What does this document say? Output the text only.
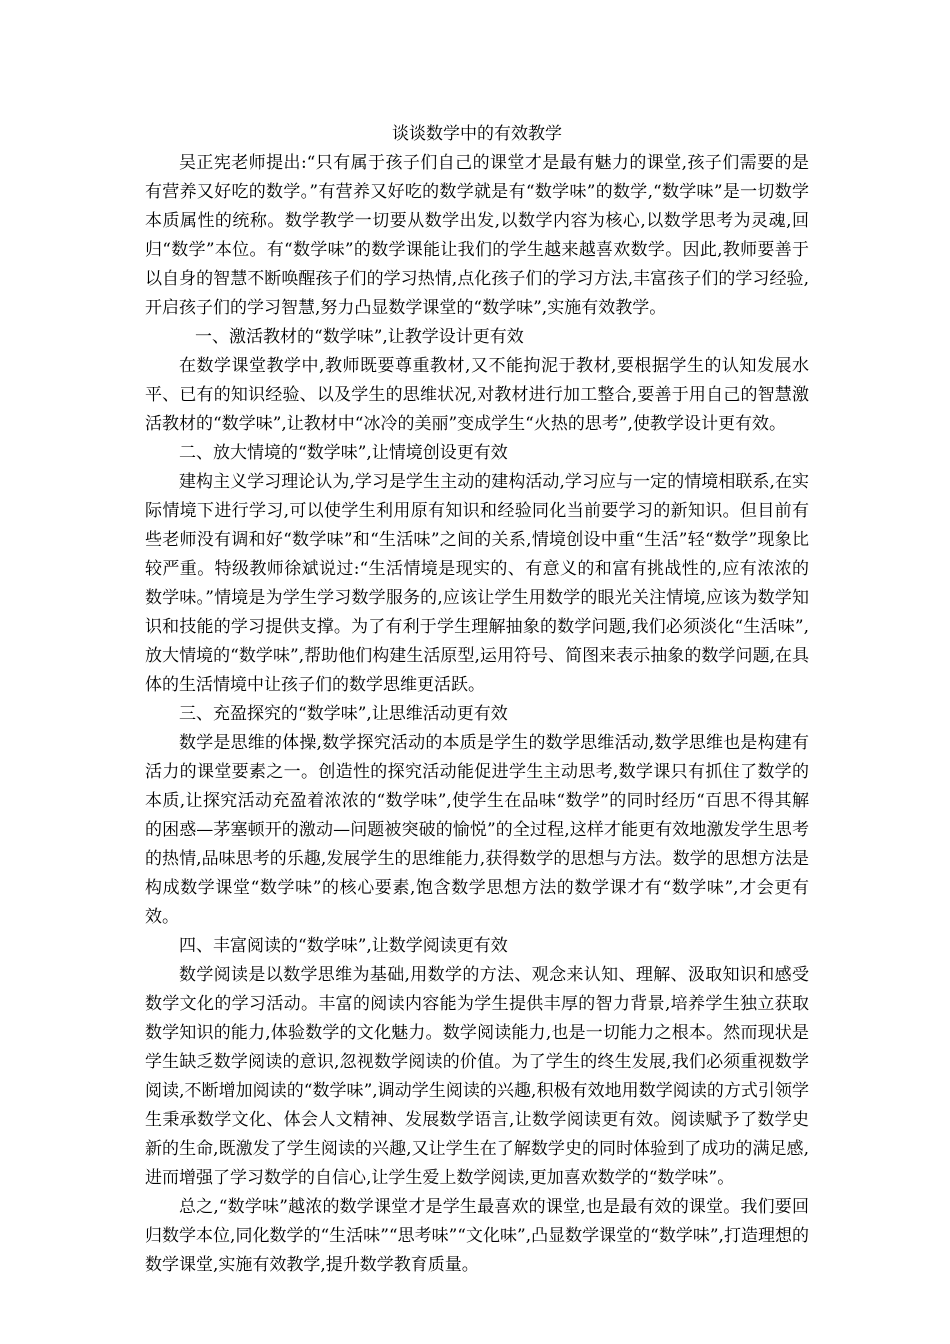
谈谈数学中的有效教学

吴正宪老师提出:“只有属于孩子们自己的课堂才是最有魅力的课堂,孩子们需要的是有营养又好吃的数学。”有营养又好吃的数学就是有“数学味”的数学,“数学味”是一切数学本质属性的统称。数学教学一切要从数学出发,以数学内容为核心,以数学思考为灵魂,回归“数学”本位。有“数学味”的数学课能让我们的学生越来越喜欢数学。因此,教师要善于以自身的智慧不断唤醒孩子们的学习热情,点化孩子们的学习方法,丰富孩子们的学习经验,开启孩子们的学习智慧,努力凸显数学课堂的“数学味”,实施有效教学。

一、激活教材的“数学味”,让教学设计更有效

在数学课堂教学中,教师既要尊重教材,又不能拘泥于教材,要根据学生的认知发展水平、已有的知识经验、以及学生的思维状况,对教材进行加工整合,要善于用自己的智慧激活教材的“数学味”,让教材中“冰冷的美丽”变成学生“火热的思考”,使教学设计更有效。

二、放大情境的“数学味”,让情境创设更有效

建构主义学习理论认为,学习是学生主动的建构活动,学习应与一定的情境相联系,在实际情境下进行学习,可以使学生利用原有知识和经验同化当前要学习的新知识。但目前有些老师没有调和好“数学味”和“生活味”之间的关系,情境创设中重“生活”轻“数学”现象比较严重。特级教师徐斌说过:“生活情境是现实的、有意义的和富有挑战性的,应有浓浓的数学味。”情境是为学生学习数学服务的,应该让学生用数学的眼光关注情境,应该为数学知识和技能的学习提供支撑。为了有利于学生理解抽象的数学问题,我们必须淡化“生活味”,放大情境的“数学味”,帮助他们构建生活原型,运用符号、简图来表示抽象的数学问题,在具体的生活情境中让孩子们的数学思维更活跃。

三、充盈探究的“数学味”,让思维活动更有效

数学是思维的体操,数学探究活动的本质是学生的数学思维活动,数学思维也是构建有活力的课堂要素之一。创造性的探究活动能促进学生主动思考,数学课只有抓住了数学的本质,让探究活动充盈着浓浓的“数学味”,使学生在品味“数学”的同时经历“百思不得其解的困惑—茅塞顿开的激动—问题被突破的愉悦”的全过程,这样才能更有效地激发学生思考的热情,品味思考的乐趣,发展学生的思维能力,获得数学的思想与方法。数学的思想方法是构成数学课堂“数学味”的核心要素,饱含数学思想方法的数学课才有“数学味”,才会更有效。

四、丰富阅读的“数学味”,让数学阅读更有效

数学阅读是以数学思维为基础,用数学的方法、观念来认知、理解、汲取知识和感受数学文化的学习活动。丰富的阅读内容能为学生提供丰厚的智力背景,培养学生独立获取数学知识的能力,体验数学的文化魅力。数学阅读能力,也是一切能力之根本。然而现状是学生缺乏数学阅读的意识,忽视数学阅读的价值。为了学生的终生发展,我们必须重视数学阅读,不断增加阅读的“数学味”,调动学生阅读的兴趣,积极有效地用数学阅读的方式引领学生秉承数学文化、体会人文精神、发展数学语言,让数学阅读更有效。阅读赋予了数学史新的生命,既激发了学生阅读的兴趣,又让学生在了解数学史的同时体验到了成功的满足感,进而增强了学习数学的自信心,让学生爱上数学阅读,更加喜欢数学的“数学味”。

总之,“数学味”越浓的数学课堂才是学生最喜欢的课堂,也是最有效的课堂。我们要回归数学本位,同化数学的“生活味”“思考味”“文化味”,凸显数学课堂的“数学味”,打造理想的数学课堂,实施有效教学,提升数学教育质量。
